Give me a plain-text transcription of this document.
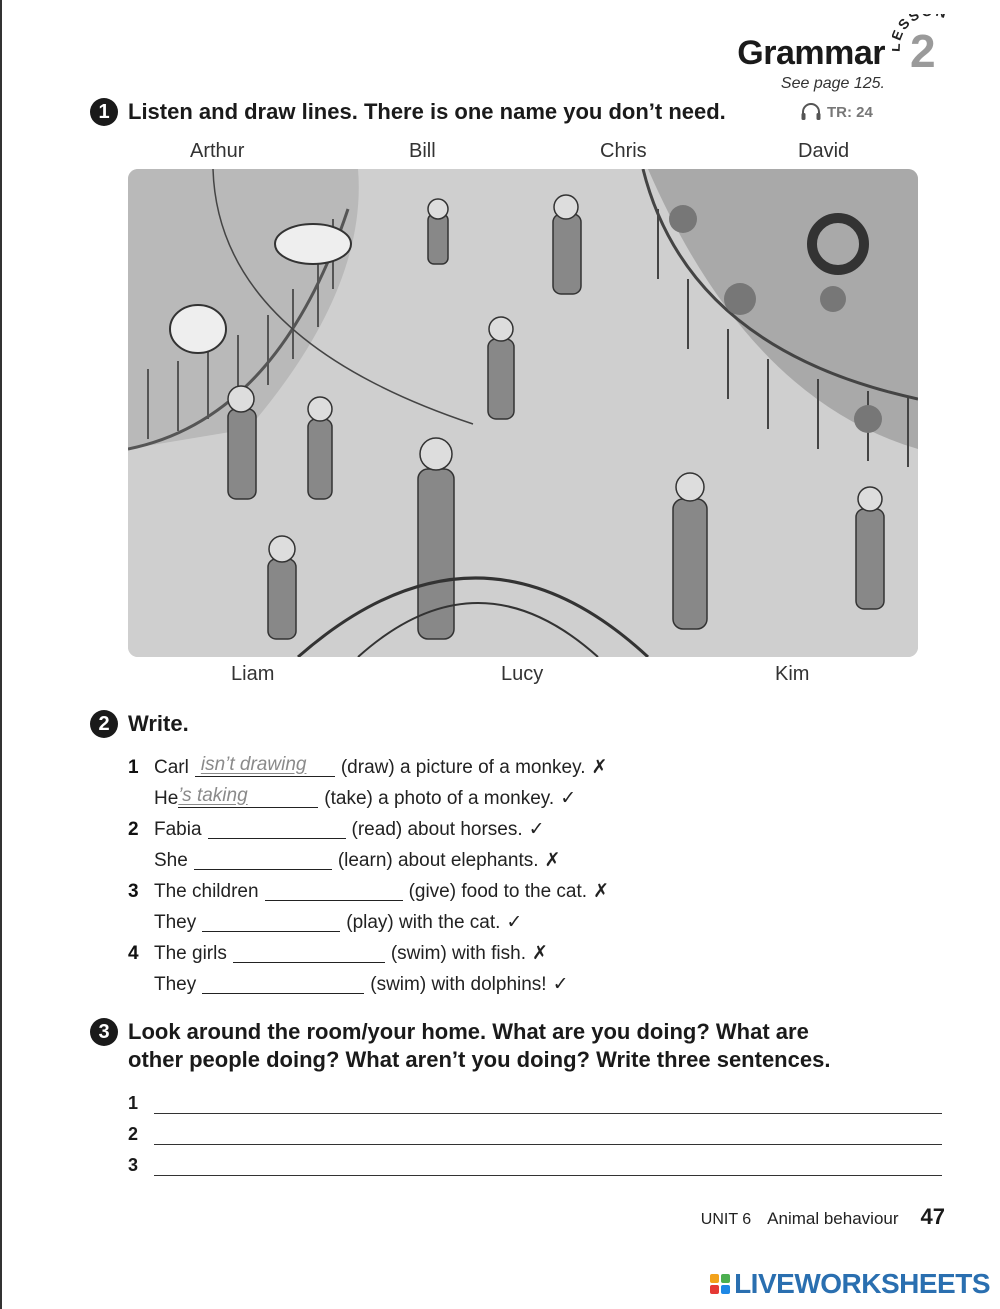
SS
2
Grammar
See page 125.
1 Listen and draw lines. There is one name you don’t need.	TR: 24
Arthur	Bill	Chris	David
Liam	Lucy	Kim
2 Write.
1 Carl isn’t drawing (draw) a picture of a monkey. ✗
He ’s taking	(take) a photo of a monkey. ✓
2 Fabia	(read) about horses. ✓
She	(learn) about elephants. ✗
3 The children	(give) food to the cat. ✗
They	(play) with the cat. ✓
4 The girls	(swim) with fish. ✗
They	(swim) with dolphins! ✓
3 Look around the room/your home. What are you doing? What are
other people doing? What aren’t you doing? Write three sentences.
1
2
3
UNIT 6 Animal behaviour 47
LIVEWORKSHEETS
